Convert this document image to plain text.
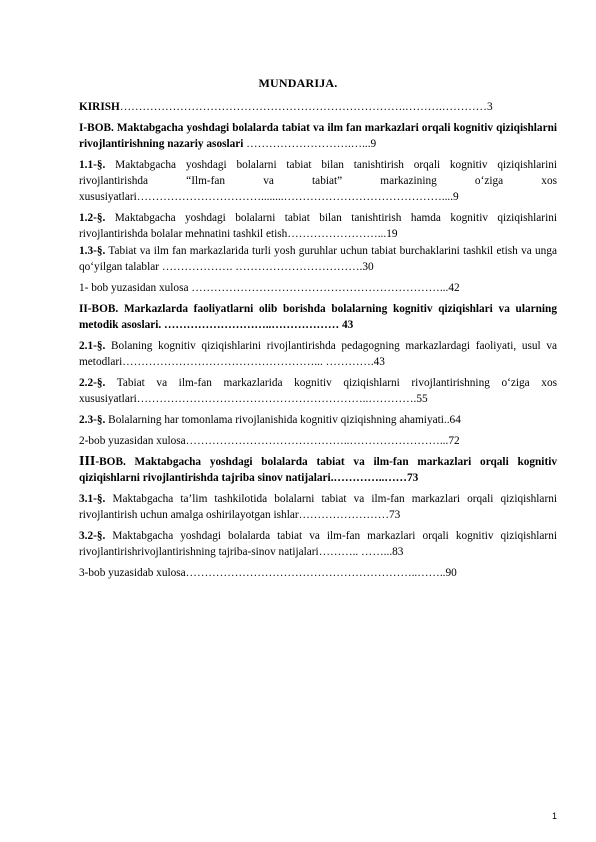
MUNDARIJA.

KIRISH………………………………………………………………….……….…………3

I-BOB. Maktabgacha yoshdagi bolalarda tabiat va ilm fan markazlari orqali kognitiv qiziqishlarni rivojlantirishning nazariy asoslari ……………………….…...9

1.1-§. Maktabgacha yoshdagi bolalarni tabiat bilan tanishtirish orqali kognitiv qiziqishlarini rivojlantirishda “Ilm-fan va tabiat” markazining o‘ziga xos xususiyatlari……………………………........……………………………………....9

1.2-§. Maktabgacha yoshdagi bolalarni tabiat bilan tanishtirish hamda kognitiv qiziqishlarini rivojlantirishda bolalar mehnatini tashkil etish……………………...19

1.3-§. Tabiat va ilm fan markazlarida turli yosh guruhlar uchun tabiat burchaklarini tashkil etish va unga qo‘yilgan talablar ………………. …………………………….30

1- bob yuzasidan xulosa …………………………………………………………...42

II-BOB. Markazlarda faoliyatlarni olib borishda bolalarning kognitiv qiziqishlari va ularning metodik asoslari. ………………………..……………… 43

2.1-§. Bolaning kognitiv qiziqishlarini rivojlantirishda pedagogning markazlardagi faoliyati, usul va metodlari……………………………………………... ………….43

2.2-§. Tabiat va ilm-fan markazlarida kognitiv qiziqishlarni rivojlantirishning o‘ziga xos xususiyatlari……………………………………………………..………….55

2.3-§. Bolalarning har tomonlama rivojlanishida kognitiv qiziqishning ahamiyati..64

2-bob yuzasidan xulosa……………………………………..……………………...72

III-BOB. Maktabgacha yoshdagi bolalarda tabiat va ilm-fan markazlari orqali kognitiv qiziqishlarni rivojlantirishda tajriba sinov natijalari.…………..……73

3.1-§. Maktabgacha ta’lim tashkilotida bolalarni tabiat va ilm-fan markazlari orqali qiziqishlarni rivojlantirish uchun amalga oshirilayotgan ishlar……………………73

3.2-§. Maktabgacha yoshdagi bolalarda tabiat va ilm-fan markazlari orqali kognitiv qiziqishlarni rivojlantirishrivojlantirishning tajriba-sinov natijalari……….. ……...83

3-bob yuzasidab xulosa……………………………………………………..……..90

1
